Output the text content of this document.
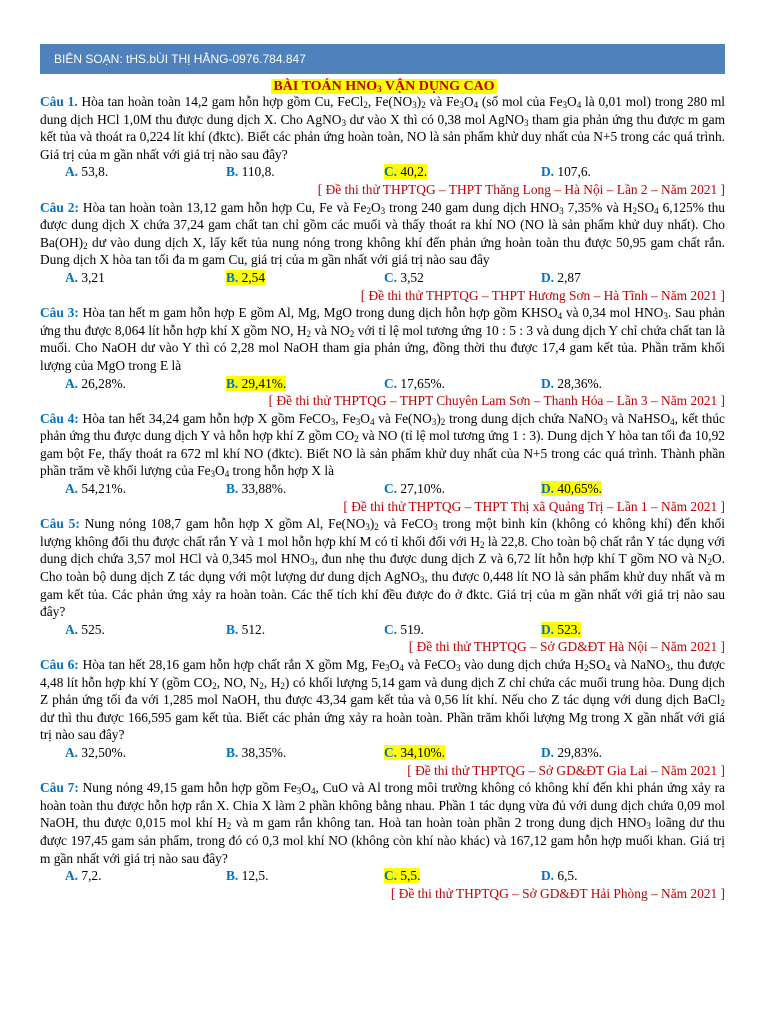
BIÊN SOẠN: tHS.bÙI THỊ HẰNG-0976.784.847
BÀI TOÁN $HNO_3$ VẬN DỤNG CAO

Câu 1. Hòa tan hoàn toàn 14,2 gam hỗn hợp gồm Cu, FeCl$_2$, $Fe(NO_3)_2$ và $Fe_3O_4$ (số mol của $Fe_3O_4$ là 0,01 mol) trong 280 ml dung dịch HCl 1,0M thu được dung dịch X. Cho AgNO$_3$ dư vào X thì có 0,38 mol AgNO$_3$ tham gia phản ứng thu được m gam kết tủa và thoát ra 0,224 lít khí (đktc). Biết các phản ứng hoàn toàn, NO là sản phẩm khử duy nhất của N+5 trong các quá trình. Giá trị của m gần nhất với giá trị nào sau đây?

A. 53,8.	B. 110,8.	C. 40,2.	D. 107,6.
[ Đề thi thử THPTQG – THPT Thăng Long – Hà Nội – Lần 2 – Năm 2021 ]

Câu 2: Hòa tan hoàn toàn 13,12 gam hỗn hợp Cu, Fe và $Fe_2O_3$ trong 240 gam dung dịch $HNO_3$ 7,35% và $H_2SO_4$ 6,125% thu được dung dịch X chứa 37,24 gam chất tan chỉ gồm các muối và thấy thoát ra khí NO (NO là sản phẩm khử duy nhất). Cho $Ba(OH)_2$ dư vào dung dịch X, lấy kết tủa nung nóng trong không khí đến phản ứng hoàn toàn thu được 50,95 gam chất rắn. Dung dịch X hòa tan tối đa m gam Cu, giá trị của m gần nhất với giá trị nào sau đây

A. 3,21	B. 2,54	C. 3,52	D. 2,87
[ Đề thi thử THPTQG – THPT Hương Sơn – Hà Tĩnh – Năm 2021 ]

Câu 3: Hòa tan hết m gam hỗn hợp E gồm Al, Mg, MgO trong dung dịch hỗn hợp gồm $KHSO_4$ và 0,34 mol $HNO_3$. Sau phản ứng thu được 8,064 lít hỗn hợp khí X gồm NO, $H_2$ và $NO_2$ với tỉ lệ mol tương ứng 10 : 5 : 3 và dung dịch Y chỉ chứa chất tan là muối. Cho NaOH dư vào Y thì có 2,28 mol NaOH tham gia phản ứng, đồng thời thu được 17,4 gam kết tủa. Phần trăm khối lượng của MgO trong E là

A. 26,28%.	B. 29,41%.	C. 17,65%.	D. 28,36%.
[ Đề thi thử THPTQG – THPT Chuyên Lam Sơn – Thanh Hóa – Lần 3 – Năm 2021 ]

Câu 4: Hòa tan hết 34,24 gam hỗn hợp X gồm FeCO$_3$, $Fe_3O_4$ và $Fe(NO_3)_2$ trong dung dịch chứa NaNO$_3$ và NaHSO$_4$, kết thúc phản ứng thu được dung dịch Y và hỗn hợp khí Z gồm $CO_2$ và NO (tỉ lệ mol tương ứng 1 : 3). Dung dịch Y hòa tan tối đa 10,92 gam bột Fe, thấy thoát ra 672 ml khí NO (đktc). Biết NO là sản phẩm khử duy nhất của N+5 trong các quá trình. Thành phần phần trăm về khối lượng của $Fe_3O_4$ trong hỗn hợp X là

A. 54,21%.	B. 33,88%.	C. 27,10%.	D. 40,65%.
[ Đề thi thử THPTQG – THPT Thị xã Quảng Trị – Lần 1 – Năm 2021 ]

Câu 5: Nung nóng 108,7 gam hỗn hợp X gồm Al, $Fe(NO_3)_2$ và FeCO$_3$ trong một bình kín (không có không khí) đến khối lượng không đổi thu được chất rắn Y và 1 mol hỗn hợp khí M có tỉ khối đối với $H_2$ là 22,8. Cho toàn bộ chất rắn Y tác dụng với dung dịch chứa 3,57 mol HCl và 0,345 mol $HNO_3$, đun nhẹ thu được dung dịch Z và 6,72 lít hỗn hợp khí T gồm NO và $N_2O$. Cho toàn bộ dung dịch Z tác dụng với một lượng dư dung dịch AgNO$_3$, thu được 0,448 lít NO là sản phẩm khử duy nhất và m gam kết tủa. Các phản ứng xảy ra hoàn toàn. Các thể tích khí đều được đo ở đktc. Giá trị của m gần nhất với giá trị nào sau đây?

A. 525.	B. 512.	C. 519.	D. 523.
[ Đề thi thử THPTQG – Sở GD&ĐT Hà Nội – Năm 2021 ]

Câu 6: Hòa tan hết 28,16 gam hỗn hợp chất rắn X gồm Mg, $Fe_3O_4$ và FeCO$_3$ vào dung dịch chứa $H_2SO_4$ và NaNO$_3$, thu được 4,48 lít hỗn hợp khí Y (gồm $CO_2$, NO, $N_2$, $H_2$) có khối lượng 5,14 gam và dung dịch Z chỉ chứa các muối trung hòa. Dung dịch Z phản ứng tối đa với 1,285 mol NaOH, thu được 43,34 gam kết tủa và 0,56 lít khí. Nếu cho Z tác dụng với dung dịch BaCl$_2$ dư thì thu được 166,595 gam kết tủa. Biết các phản ứng xảy ra hoàn toàn. Phần trăm khối lượng Mg trong X gần nhất với giá trị nào sau đây?

A. 32,50%.	B. 38,35%.	C. 34,10%.	D. 29,83%.
[ Đề thi thử THPTQG – Sở GD&ĐT Gia Lai – Năm 2021 ]

Câu 7: Nung nóng 49,15 gam hỗn hợp gồm $Fe_3O_4$, CuO và Al trong môi trường không có không khí đến khi phản ứng xảy ra hoàn toàn thu được hỗn hợp rắn X. Chia X làm 2 phần không bằng nhau. Phần 1 tác dụng vừa đủ với dung dịch chứa 0,09 mol NaOH, thu được 0,015 mol khí $H_2$ và m gam rắn không tan. Hoà tan hoàn toàn phần 2 trong dung dịch $HNO_3$ loãng dư thu được 197,45 gam sản phẩm, trong đó có 0,3 mol khí NO (không còn khí nào khác) và 167,12 gam hỗn hợp muối khan. Giá trị m gần nhất với giá trị nào sau đây?

A. 7,2.	B. 12,5.	C. 5,5.	D. 6,5.
[ Đề thi thử THPTQG – Sở GD&ĐT Hải Phòng – Năm 2021 ]
